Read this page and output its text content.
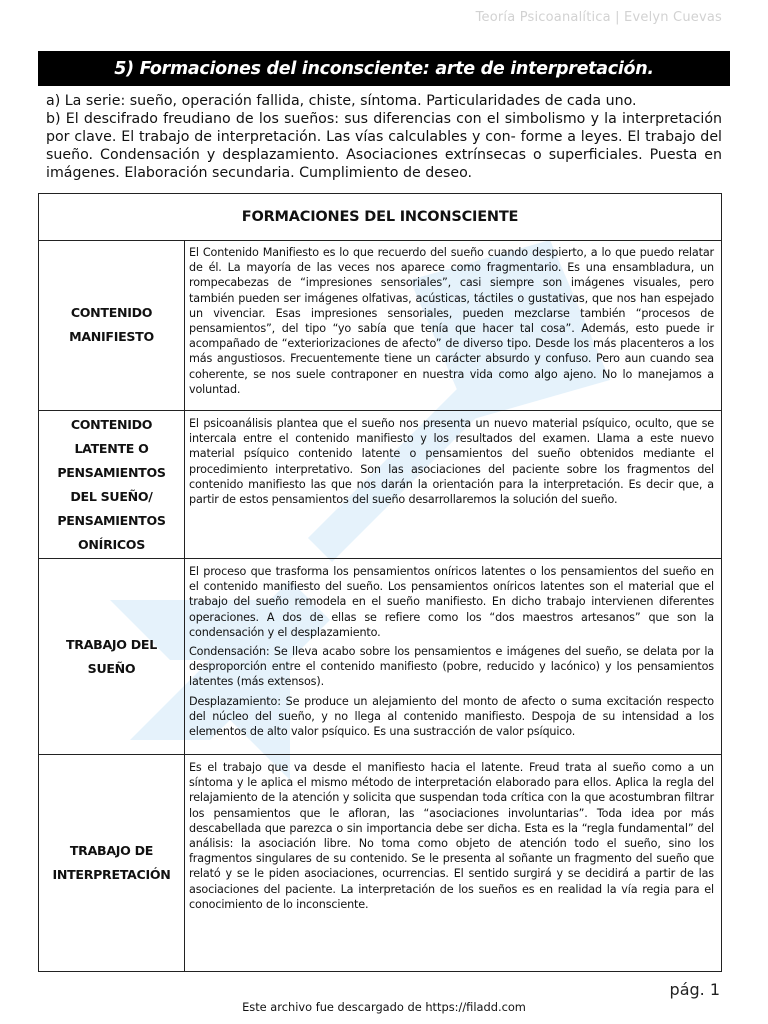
Teoría Psicoanalítica | Evelyn Cuevas
5) Formaciones del inconsciente: arte de interpretación.

a) La serie: sueño, operación fallida, chiste, síntoma. Particularidades de cada uno.

b) El descifrado freudiano de los sueños: sus diferencias con el simbolismo y la interpretación por clave. El trabajo de interpretación. Las vías calculables y con- forme a leyes. El trabajo del sueño. Condensación y desplazamiento. Asociaciones extrínsecas o superficiales. Puesta en imágenes. Elaboración secundaria. Cumplimiento de deseo.

FORMACIONES DEL INCONSCIENTE
CONTENIDO MANIFIESTO

El Contenido Manifiesto es lo que recuerdo del sueño cuando despierto, a lo que puedo relatar de él. La mayoría de las veces nos aparece como fragmentario. Es una ensambladura, un rompecabezas de “impresiones sensoriales”, casi siempre son imágenes visuales, pero también pueden ser imágenes olfativas, acústicas, táctiles o gustativas, que nos han espejado un vivenciar. Esas impresiones sensoriales, pueden mezclarse también “procesos de pensamientos”, del tipo “yo sabía que tenía que hacer tal cosa”. Además, esto puede ir acompañado de “exteriorizaciones de afecto” de diverso tipo. Desde los más placenteros a los más angustiosos. Frecuentemente tiene un carácter absurdo y confuso. Pero aun cuando sea coherente, se nos suele contraponer en nuestra vida como algo ajeno. No lo manejamos a voluntad.

CONTENIDO LATENTE O PENSAMIENTOS DEL SUEÑO/ PENSAMIENTOS ONÍRICOS

El psicoanálisis plantea que el sueño nos presenta un nuevo material psíquico, oculto, que se intercala entre el contenido manifiesto y los resultados del examen. Llama a este nuevo material psíquico contenido latente o pensamientos del sueño obtenidos mediante el procedimiento interpretativo. Son las asociaciones del paciente sobre los fragmentos del contenido manifiesto las que nos darán la orientación para la interpretación. Es decir que, a partir de estos pensamientos del sueño desarrollaremos la solución del sueño.

TRABAJO DEL SUEÑO

El proceso que trasforma los pensamientos oníricos latentes o los pensamientos del sueño en el contenido manifiesto del sueño. Los pensamientos oníricos latentes son el material que el trabajo del sueño remodela en el sueño manifiesto. En dicho trabajo intervienen diferentes operaciones. A dos de ellas se refiere como los “dos maestros artesanos” que son la condensación y el desplazamiento.

Condensación: Se lleva acabo sobre los pensamientos e imágenes del sueño, se delata por la desproporción entre el contenido manifiesto (pobre, reducido y lacónico) y los pensamientos latentes (más extensos).

Desplazamiento: Se produce un alejamiento del monto de afecto o suma excitación respecto del núcleo del sueño, y no llega al contenido manifiesto. Despoja de su intensidad a los elementos de alto valor psíquico. Es una sustracción de valor psíquico.

TRABAJO DE INTERPRETACIÓN

Es el trabajo que va desde el manifiesto hacia el latente. Freud trata al sueño como a un síntoma y le aplica el mismo método de interpretación elaborado para ellos. Aplica la regla del relajamiento de la atención y solicita que suspendan toda crítica con la que acostumbran filtrar los pensamientos que le afloran, las “asociaciones involuntarias”. Toda idea por más descabellada que parezca o sin importancia debe ser dicha. Esta es la “regla fundamental” del análisis: la asociación libre. No toma como objeto de atención todo el sueño, sino los fragmentos singulares de su contenido. Se le presenta al soñante un fragmento del sueño que relató y se le piden asociaciones, ocurrencias. El sentido surgirá y se decidirá a partir de las asociaciones del paciente. La interpretación de los sueños es en realidad la vía regia para el conocimiento de lo inconsciente.

pág. 1
Este archivo fue descargado de https://filadd.com
